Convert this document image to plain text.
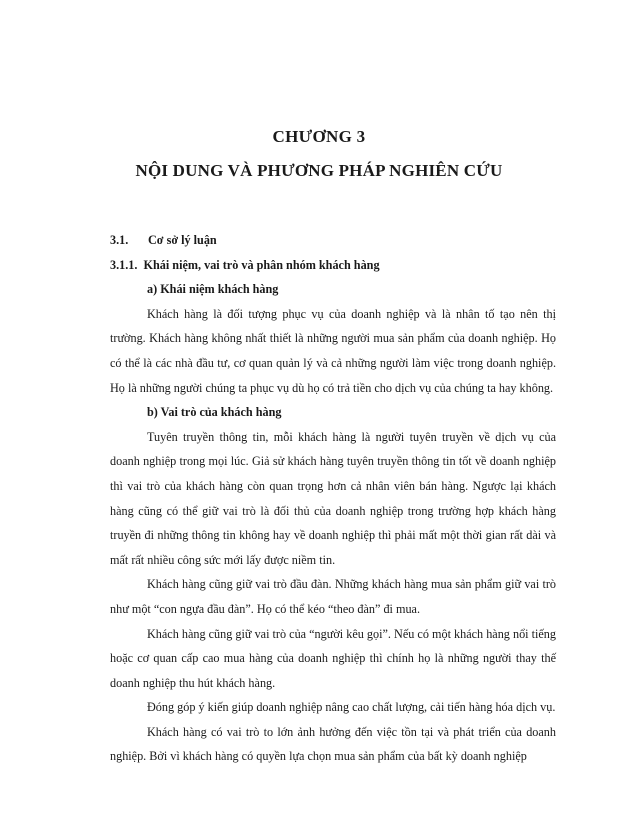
CHƯƠNG 3
NỘI DUNG VÀ PHƯƠNG PHÁP NGHIÊN CỨU
3.1. Cơ sở lý luận
3.1.1. Khái niệm, vai trò và phân nhóm khách hàng
a) Khái niệm khách hàng

Khách hàng là đối tượng phục vụ của doanh nghiệp và là nhân tố tạo nên thị trường. Khách hàng không nhất thiết là những người mua sản phẩm của doanh nghiệp. Họ có thể là các nhà đầu tư, cơ quan quản lý và cả những người làm việc trong doanh nghiệp. Họ là những người chúng ta phục vụ dù họ có trả tiền cho dịch vụ của chúng ta hay không.

b) Vai trò của khách hàng

Tuyên truyền thông tin, mỗi khách hàng là người tuyên truyền về dịch vụ của doanh nghiệp trong mọi lúc. Giả sử khách hàng tuyên truyền thông tin tốt về doanh nghiệp thì vai trò của khách hàng còn quan trọng hơn cả nhân viên bán hàng. Ngược lại khách hàng cũng có thể giữ vai trò là đối thủ của doanh nghiệp trong trường hợp khách hàng truyền đi những thông tin không hay về doanh nghiệp thì phải mất một thời gian rất dài và mất rất nhiều công sức mới lấy được niềm tin.

Khách hàng cũng giữ vai trò đầu đàn. Những khách hàng mua sản phẩm giữ vai trò như một “con ngựa đầu đàn”. Họ có thể kéo “theo đàn” đi mua.

Khách hàng cũng giữ vai trò của “người kêu gọi”. Nếu có một khách hàng nổi tiếng hoặc cơ quan cấp cao mua hàng của doanh nghiệp thì chính họ là những người thay thế doanh nghiệp thu hút khách hàng.

Đóng góp ý kiến giúp doanh nghiệp nâng cao chất lượng, cải tiến hàng hóa dịch vụ.

Khách hàng có vai trò to lớn ảnh hưởng đến việc tồn tại và phát triển của doanh nghiệp. Bởi vì khách hàng có quyền lựa chọn mua sản phẩm của bất kỳ doanh nghiệp
